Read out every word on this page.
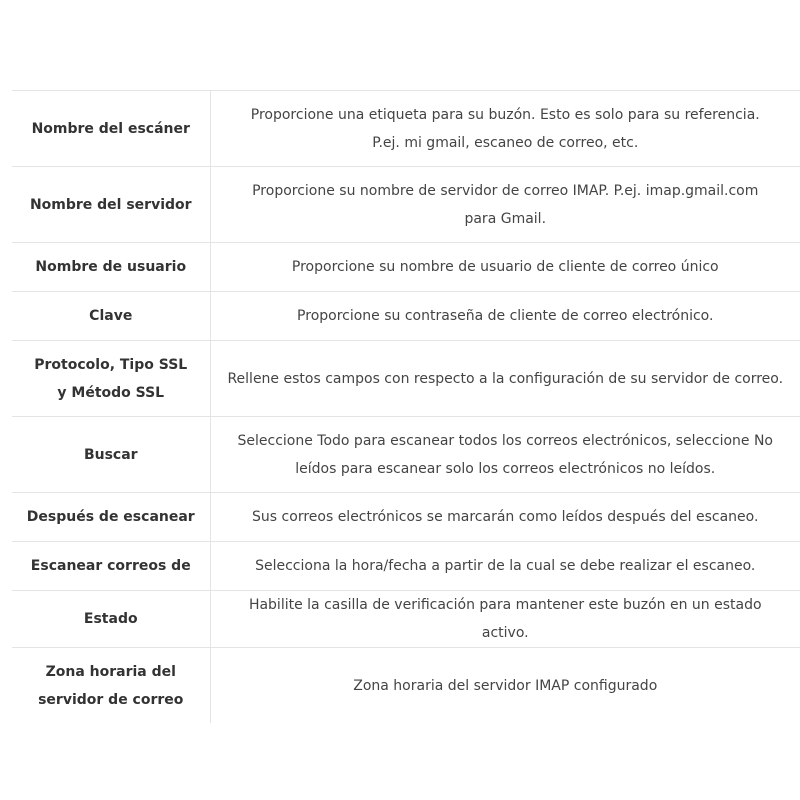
Nombre del escáner	Proporcione una etiqueta para su buzón. Esto es solo para su referencia.
P.ej. mi gmail, escaneo de correo, etc.
Nombre del servidor	Proporcione su nombre de servidor de correo IMAP. P.ej. imap.gmail.com para Gmail.
Nombre de usuario	Proporcione su nombre de usuario de cliente de correo único
Clave	Proporcione su contraseña de cliente de correo electrónico.
Protocolo, Tipo SSL y Método SSL	Rellene estos campos con respecto a la configuración de su servidor de correo.
Buscar	Seleccione Todo para escanear todos los correos electrónicos, seleccione No leídos para escanear solo los correos electrónicos no leídos.
Después de escanear	Sus correos electrónicos se marcarán como leídos después del escaneo.
Escanear correos de	Selecciona la hora/fecha a partir de la cual se debe realizar el escaneo.
Estado	Habilite la casilla de verificación para mantener este buzón en un estado activo.
Zona horaria del servidor de correo	Zona horaria del servidor IMAP configurado
